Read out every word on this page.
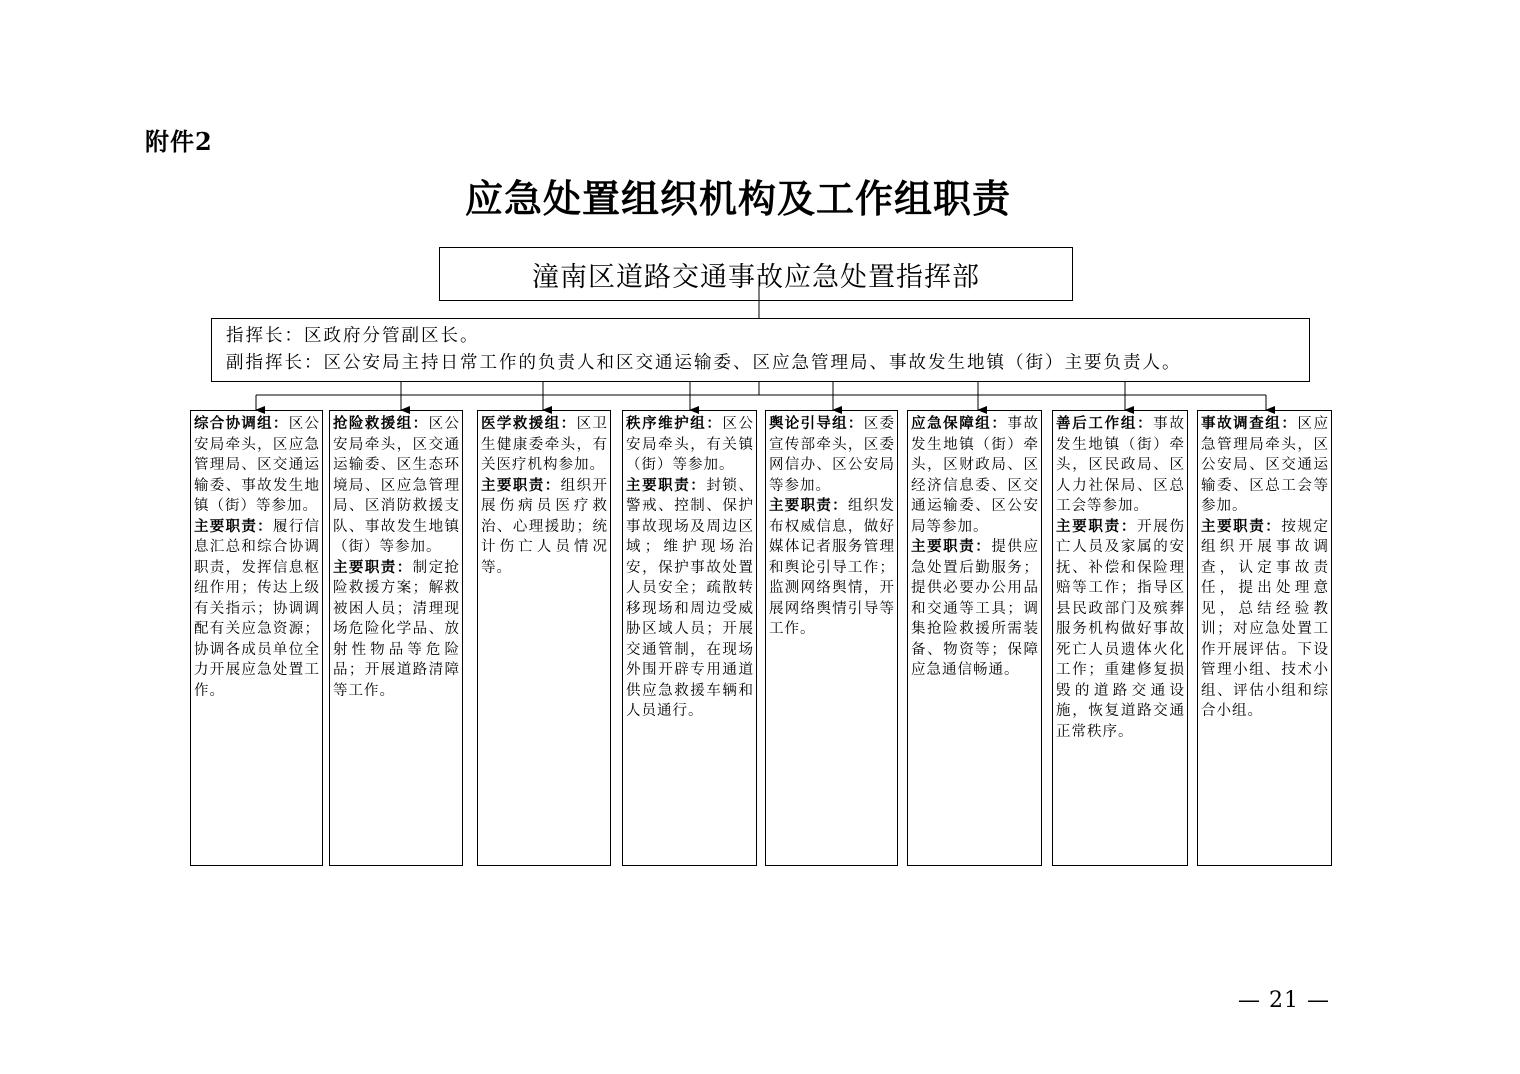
附件2
应急处置组织机构及工作组职责
潼南区道路交通事故应急处置指挥部
指挥长：区政府分管副区长。
副指挥长：区公安局主持日常工作的负责人和区交通运输委、区应急管理局、事故发生地镇（街）主要负责人。
综合协调组：区公安局牵头，区应急管理局、区交通运输委、事故发生地镇（街）等参加。
主要职责：履行信息汇总和综合协调职责，发挥信息枢纽作用；传达上级有关指示；协调调配有关应急资源；协调各成员单位全力开展应急处置工作。
抢险救援组：区公安局牵头，区交通运输委、区生态环境局、区应急管理局、区消防救援支队、事故发生地镇（街）等参加。
主要职责：制定抢险救援方案；解救被困人员；清理现场危险化学品、放射性物品等危险品；开展道路清障等工作。
医学救援组：区卫生健康委牵头，有关医疗机构参加。
主要职责：组织开展伤病员医疗救治、心理援助；统计伤亡人员情况等。
秩序维护组：区公安局牵头，有关镇（街）等参加。
主要职责：封锁、警戒、控制、保护事故现场及周边区域；维护现场治安，保护事故处置人员安全；疏散转移现场和周边受威胁区域人员；开展交通管制，在现场外围开辟专用通道供应急救援车辆和人员通行。
舆论引导组：区委宣传部牵头，区委网信办、区公安局等参加。
主要职责：组织发布权威信息，做好媒体记者服务管理和舆论引导工作；监测网络舆情，开展网络舆情引导等工作。
应急保障组：事故发生地镇（街）牵头，区财政局、区经济信息委、区交通运输委、区公安局等参加。
主要职责：提供应急处置后勤服务；提供必要办公用品和交通等工具；调集抢险救援所需装备、物资等；保障应急通信畅通。
善后工作组：事故发生地镇（街）牵头，区民政局、区人力社保局、区总工会等参加。
主要职责：开展伤亡人员及家属的安抚、补偿和保险理赔等工作；指导区县民政部门及殡葬服务机构做好事故死亡人员遗体火化工作；重建修复损毁的道路交通设施，恢复道路交通正常秩序。
事故调查组：区应急管理局牵头，区公安局、区交通运输委、区总工会等参加。
主要职责：按规定组织开展事故调查，认定事故责任，提出处理意见，总结经验教训；对应急处置工作开展评估。下设管理小组、技术小组、评估小组和综合小组。
— 21 —
